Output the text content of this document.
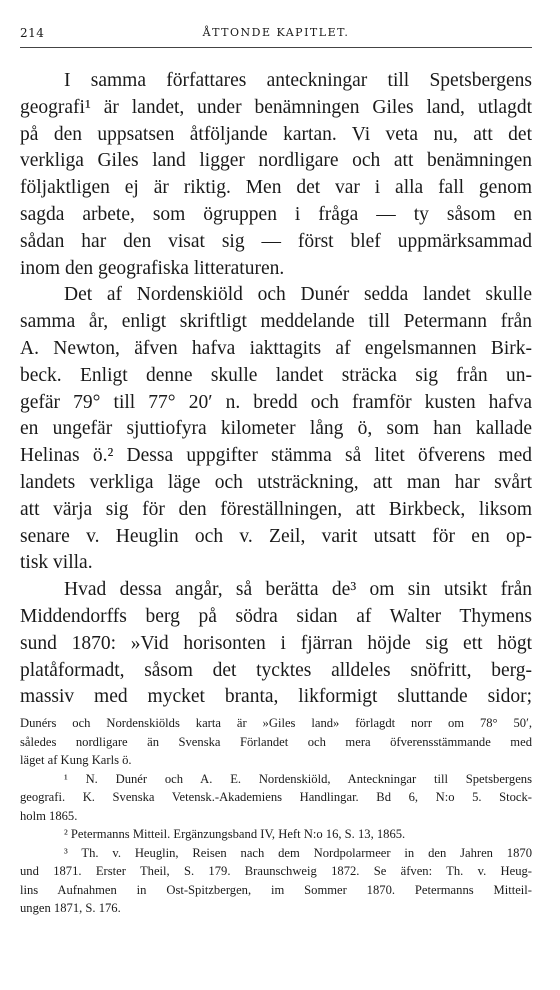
214	ÅTTONDE KAPITLET.
I samma författares anteckningar till Spetsbergens
geografi¹ är landet, under benämningen Giles land, utlagdt
på den uppsatsen åtföljande kartan. Vi veta nu, att det
verkliga Giles land ligger nordligare och att benämningen
följaktligen ej är riktig. Men det var i alla fall genom
sagda arbete, som ögruppen i fråga — ty såsom en
sådan har den visat sig — först blef uppmärksammad
inom den geografiska litteraturen.
Det af Nordenskiöld och Dunér sedda landet skulle
samma år, enligt skriftligt meddelande till Petermann från
A. Newton, äfven hafva iakttagits af engelsmannen Birk-
beck. Enligt denne skulle landet sträcka sig från un-
gefär 79° till 77° 20′ n. bredd och framför kusten hafva
en ungefär sjuttiofyra kilometer lång ö, som han kallade
Helinas ö.² Dessa uppgifter stämma så litet öfverens med
landets verkliga läge och utsträckning, att man har svårt
att värja sig för den föreställningen, att Birkbeck, liksom
senare v. Heuglin och v. Zeil, varit utsatt för en op-
tisk villa.
Hvad dessa angår, så berätta de³ om sin utsikt från
Middendorffs berg på södra sidan af Walter Thymens
sund 1870: »Vid horisonten i fjärran höjde sig ett högt
platåformadt, såsom det tycktes alldeles snöfritt, berg-
massiv med mycket branta, likformigt sluttande sidor;
Dunérs och Nordenskiölds karta är »Giles land» förlagdt norr om 78° 50′,
således nordligare än Svenska Förlandet och mera öfverensstämmande med
läget af Kung Karls ö.
¹ N. Dunér och A. E. Nordenskiöld, Anteckningar till Spetsbergens
geografi. K. Svenska Vetensk.-Akademiens Handlingar. Bd 6, N:o 5. Stock-
holm 1865.
² Petermanns Mitteil. Ergänzungsband IV, Heft N:o 16, S. 13, 1865.
³ Th. v. Heuglin, Reisen nach dem Nordpolarmeer in den Jahren 1870
und 1871. Erster Theil, S. 179. Braunschweig 1872. Se äfven: Th. v. Heug-
lins Aufnahmen in Ost-Spitzbergen, im Sommer 1870. Petermanns Mitteil-
ungen 1871, S. 176.
